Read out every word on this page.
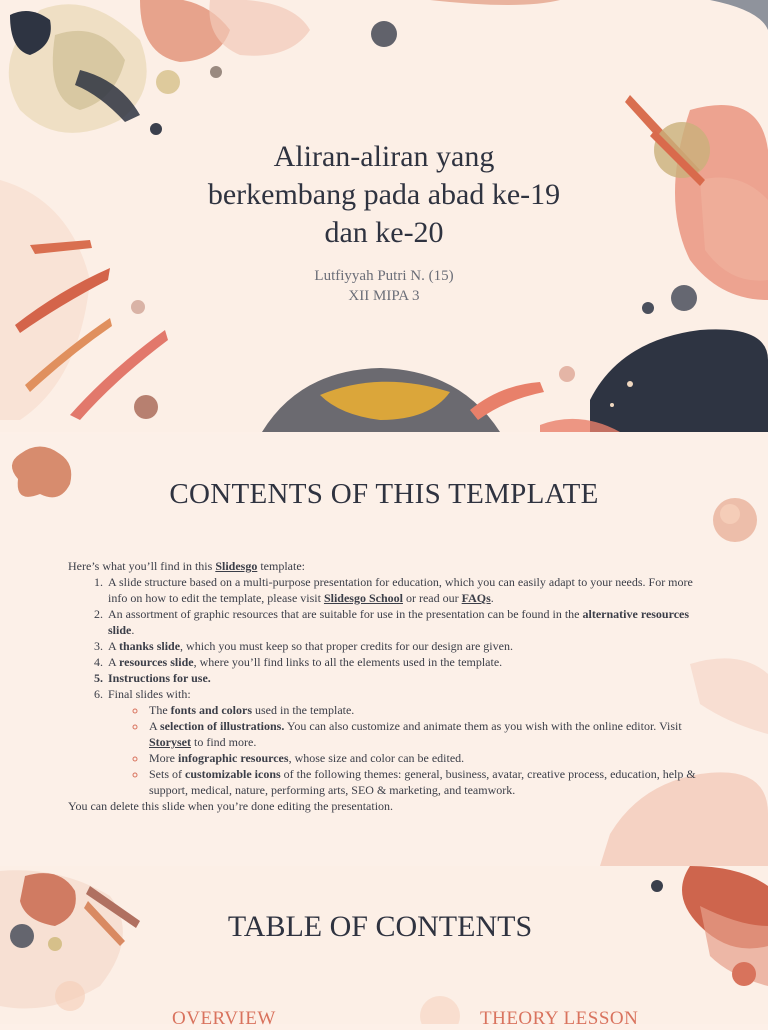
Aliran-aliran yang
berkembang pada abad ke-19
dan ke-20
Lutfiyyah Putri N. (15)
XII MIPA 3
CONTENTS OF THIS TEMPLATE

Here’s what you’ll find in this Slidesgo template:

1. A slide structure based on a multi-purpose presentation for education, which you can easily adapt to your needs. For more info on how to edit the template, please visit Slidesgo School or read our FAQs.
2. An assortment of graphic resources that are suitable for use in the presentation can be found in the alternative resources slide.
3. A thanks slide, which you must keep so that proper credits for our design are given.
4. A resources slide, where you’ll find links to all the elements used in the template.
5. Instructions for use.
6. Final slides with:
◦ The fonts and colors used in the template.
◦ A selection of illustrations. You can also customize and animate them as you wish with the online editor. Visit Storyset to find more.
◦ More infographic resources, whose size and color can be edited.
◦ Sets of customizable icons of the following themes: general, business, avatar, creative process, education, help & support, medical, nature, performing arts, SEO & marketing, and teamwork.

You can delete this slide when you’re done editing the presentation.

TABLE OF CONTENTS
OVERVIEW	THEORY LESSON
